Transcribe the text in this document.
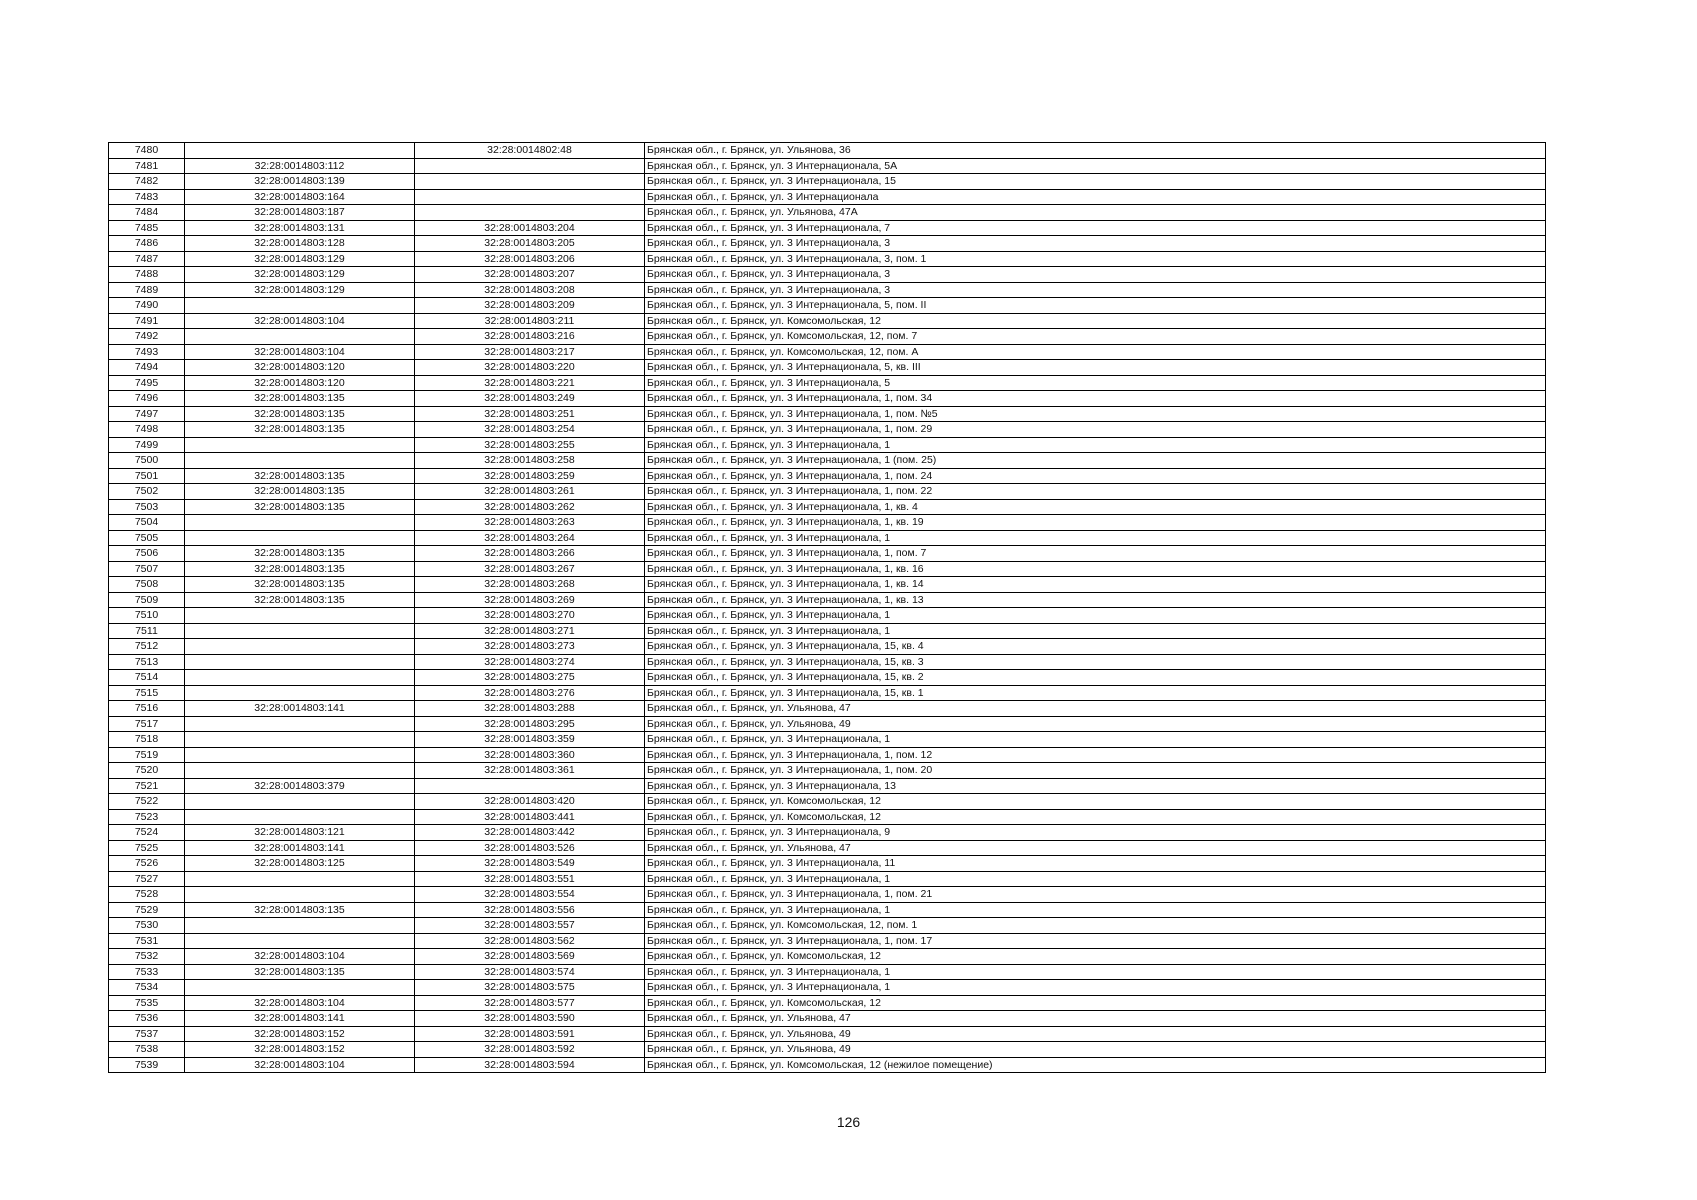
7480		32:28:0014802:48	Брянская обл., г. Брянск, ул. Ульянова, 36
7481	32:28:0014803:112		Брянская обл., г. Брянск, ул. 3 Интернационала, 5А
7482	32:28:0014803:139		Брянская обл., г. Брянск, ул. 3 Интернационала, 15
7483	32:28:0014803:164		Брянская обл., г. Брянск, ул. 3 Интернационала
7484	32:28:0014803:187		Брянская обл., г. Брянск, ул. Ульянова, 47А
7485	32:28:0014803:131	32:28:0014803:204	Брянская обл., г. Брянск, ул. 3 Интернационала, 7
7486	32:28:0014803:128	32:28:0014803:205	Брянская обл., г. Брянск, ул. 3 Интернационала, 3
7487	32:28:0014803:129	32:28:0014803:206	Брянская обл., г. Брянск, ул. 3 Интернационала, 3, пом. 1
7488	32:28:0014803:129	32:28:0014803:207	Брянская обл., г. Брянск, ул. 3 Интернационала, 3
7489	32:28:0014803:129	32:28:0014803:208	Брянская обл., г. Брянск, ул. 3 Интернационала, 3
7490		32:28:0014803:209	Брянская обл., г. Брянск, ул. 3 Интернационала, 5, пом. II
7491	32:28:0014803:104	32:28:0014803:211	Брянская обл., г. Брянск, ул. Комсомольская, 12
7492		32:28:0014803:216	Брянская обл., г. Брянск, ул. Комсомольская, 12, пом. 7
7493	32:28:0014803:104	32:28:0014803:217	Брянская обл., г. Брянск, ул. Комсомольская, 12, пом. А
7494	32:28:0014803:120	32:28:0014803:220	Брянская обл., г. Брянск, ул. 3 Интернационала, 5, кв. III
7495	32:28:0014803:120	32:28:0014803:221	Брянская обл., г. Брянск, ул. 3 Интернационала, 5
7496	32:28:0014803:135	32:28:0014803:249	Брянская обл., г. Брянск, ул. 3 Интернационала, 1, пом. 34
7497	32:28:0014803:135	32:28:0014803:251	Брянская обл., г. Брянск, ул. 3 Интернационала, 1, пом. №5
7498	32:28:0014803:135	32:28:0014803:254	Брянская обл., г. Брянск, ул. 3 Интернационала, 1, пом. 29
7499		32:28:0014803:255	Брянская обл., г. Брянск, ул. 3 Интернационала, 1
7500		32:28:0014803:258	Брянская обл., г. Брянск, ул. 3 Интернационала, 1 (пом. 25)
7501	32:28:0014803:135	32:28:0014803:259	Брянская обл., г. Брянск, ул. 3 Интернационала, 1, пом. 24
7502	32:28:0014803:135	32:28:0014803:261	Брянская обл., г. Брянск, ул. 3 Интернационала, 1, пом. 22
7503	32:28:0014803:135	32:28:0014803:262	Брянская обл., г. Брянск, ул. 3 Интернационала, 1, кв. 4
7504		32:28:0014803:263	Брянская обл., г. Брянск, ул. 3 Интернационала, 1, кв. 19
7505		32:28:0014803:264	Брянская обл., г. Брянск, ул. 3 Интернационала, 1
7506	32:28:0014803:135	32:28:0014803:266	Брянская обл., г. Брянск, ул. 3 Интернационала, 1, пом. 7
7507	32:28:0014803:135	32:28:0014803:267	Брянская обл., г. Брянск, ул. 3 Интернационала, 1, кв. 16
7508	32:28:0014803:135	32:28:0014803:268	Брянская обл., г. Брянск, ул. 3 Интернационала, 1, кв. 14
7509	32:28:0014803:135	32:28:0014803:269	Брянская обл., г. Брянск, ул. 3 Интернационала, 1, кв. 13
7510		32:28:0014803:270	Брянская обл., г. Брянск, ул. 3 Интернационала, 1
7511		32:28:0014803:271	Брянская обл., г. Брянск, ул. 3 Интернационала, 1
7512		32:28:0014803:273	Брянская обл., г. Брянск, ул. 3 Интернационала, 15, кв. 4
7513		32:28:0014803:274	Брянская обл., г. Брянск, ул. 3 Интернационала, 15, кв. 3
7514		32:28:0014803:275	Брянская обл., г. Брянск, ул. 3 Интернационала, 15, кв. 2
7515		32:28:0014803:276	Брянская обл., г. Брянск, ул. 3 Интернационала, 15, кв. 1
7516	32:28:0014803:141	32:28:0014803:288	Брянская обл., г. Брянск, ул. Ульянова, 47
7517		32:28:0014803:295	Брянская обл., г. Брянск, ул. Ульянова, 49
7518		32:28:0014803:359	Брянская обл., г. Брянск, ул. 3 Интернационала, 1
7519		32:28:0014803:360	Брянская обл., г. Брянск, ул. 3 Интернационала, 1, пом. 12
7520		32:28:0014803:361	Брянская обл., г. Брянск, ул. 3 Интернационала, 1, пом. 20
7521	32:28:0014803:379		Брянская обл., г. Брянск, ул. 3 Интернационала, 13
7522		32:28:0014803:420	Брянская обл., г. Брянск, ул. Комсомольская, 12
7523		32:28:0014803:441	Брянская обл., г. Брянск, ул. Комсомольская, 12
7524	32:28:0014803:121	32:28:0014803:442	Брянская обл., г. Брянск, ул. 3 Интернационала, 9
7525	32:28:0014803:141	32:28:0014803:526	Брянская обл., г. Брянск, ул. Ульянова, 47
7526	32:28:0014803:125	32:28:0014803:549	Брянская обл., г. Брянск, ул. 3 Интернационала, 11
7527		32:28:0014803:551	Брянская обл., г. Брянск, ул. 3 Интернационала, 1
7528		32:28:0014803:554	Брянская обл., г. Брянск, ул. 3 Интернационала, 1, пом. 21
7529	32:28:0014803:135	32:28:0014803:556	Брянская обл., г. Брянск, ул. 3 Интернационала, 1
7530		32:28:0014803:557	Брянская обл., г. Брянск, ул. Комсомольская, 12, пом. 1
7531		32:28:0014803:562	Брянская обл., г. Брянск, ул. 3 Интернационала, 1, пом. 17
7532	32:28:0014803:104	32:28:0014803:569	Брянская обл., г. Брянск, ул. Комсомольская, 12
7533	32:28:0014803:135	32:28:0014803:574	Брянская обл., г. Брянск, ул. 3 Интернационала, 1
7534		32:28:0014803:575	Брянская обл., г. Брянск, ул. 3 Интернационала, 1
7535	32:28:0014803:104	32:28:0014803:577	Брянская обл., г. Брянск, ул. Комсомольская, 12
7536	32:28:0014803:141	32:28:0014803:590	Брянская обл., г. Брянск, ул. Ульянова, 47
7537	32:28:0014803:152	32:28:0014803:591	Брянская обл., г. Брянск, ул. Ульянова, 49
7538	32:28:0014803:152	32:28:0014803:592	Брянская обл., г. Брянск, ул. Ульянова, 49
7539	32:28:0014803:104	32:28:0014803:594	Брянская обл., г. Брянск, ул. Комсомольская, 12 (нежилое помещение)
126
